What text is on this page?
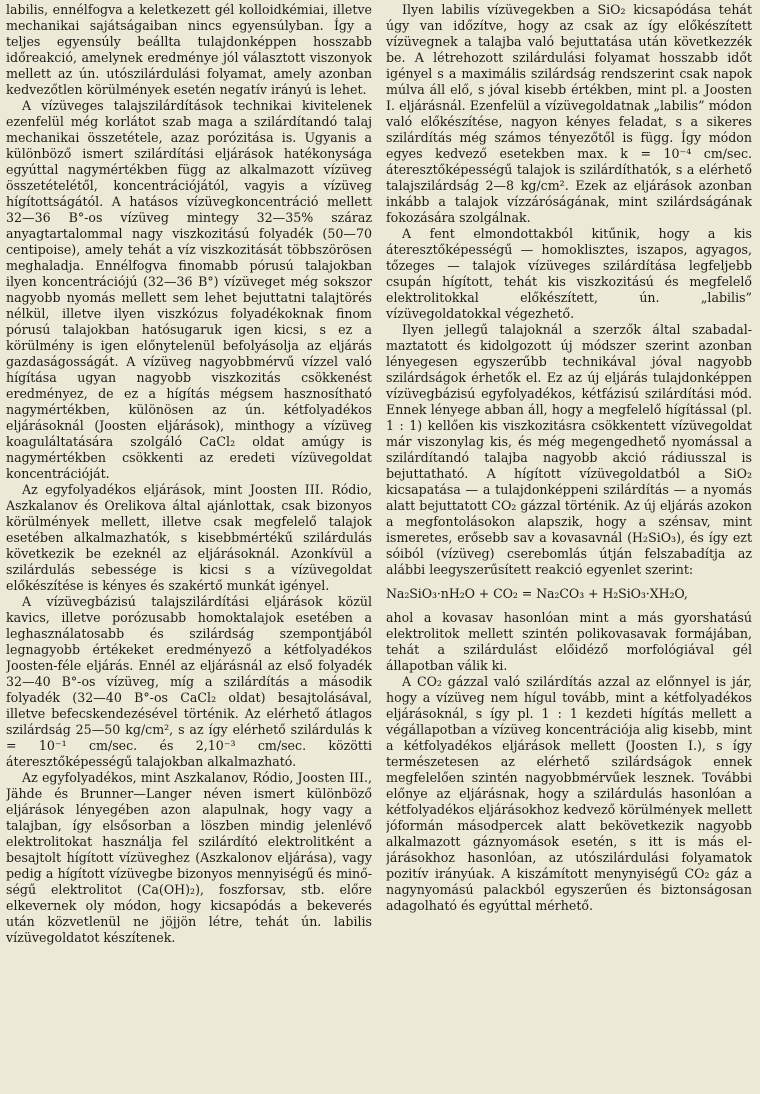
labilis, ennélfogva a keletkezett gél kolloidkémiai, illetve mechanikai sajátságaiban nincs egyensúlyban. Így a teljes egyensúly beállta tulajdonképpen hosszabb időreakció, amelynek eredménye jól választott viszonyok mellett az ún. utószilárdulási folyamat, amely azonban kedvezőtlen körülmények esetén negatív irányú is lehet.

A vízüveges talajszilárdítások technikai kivitelenek ezenfelül még korlátot szab maga a szilárdítandó talaj mechanikai összetétele, azaz porózitása is. Ugyanis a különböző ismert szilárdítási eljárások hatékonysága egyúttal nagymértékben függ az alkalmazott vízüveg összetételétől, koncentrációjától, vagyis a vízüveg hígítottságától. A hatásos vízüvegkoncentráció mellett 32—36 B°-os vízüveg mintegy 32—35% száraz anyagtartalommal nagy viszkozitású folyadék (50—70 centipoise), amely tehát a víz viszkozitását többszörösen meghaladja. Ennélfogva finomabb pórusú talajokban ilyen koncentrációjú (32—36 B°) vízüveget még sokszor nagyobb nyomás mellett sem lehet bejuttatni talajtörés nélkül, illetve ilyen viszkózus folyadékoknak finom pórusú talajokban hatósugaruk igen kicsi, s ez a körülmény is igen előnytelenül befolyásolja az eljárás gazdaságosságát. A vízüveg nagyobbmérvű vízzel való hígítása ugyan nagyobb viszkozitás csökkenést eredményez, de ez a hígítás mégsem hasznosítható nagymértékben, különösen az ún. kétfolyadékos eljárásoknál (Joosten eljárások), minthogy a vízüveg koaguláltatására szolgáló CaCl₂ oldat amúgy is nagymértékben csökkenti az eredeti vízüvegoldat koncentrációját.

Az egyfolyadékos eljárások, mint Joosten III. Ródio, Aszkalanov és Orelikova által ajánlottak, csak bizonyos körülmények mellett, illetve csak megfelelő talajok esetében alkalmazhatók, s kisebbmértékű szilárdulás következik be ezeknél az eljárásoknál. Azonkívül a szilárdulás sebessége is kicsi s a vízüvegoldat előkészítése is kényes és szakértő munkát igényel.

A vízüvegbázisú talajszilárdítási eljárások közül kavics, illetve porózusabb homoktalajok esetében a leghasználatosabb és szilárdság szempontjából legnagyobb értékeket eredményező a kétfolyadékos Joosten-féle eljárás. Ennél az eljárásnál az első folyadék 32—40 B°-os vízüveg, míg a szilárdítás a második folyadék (32—40 B°-os CaCl₂ oldat) besajtolásával, illetve befecskendezésével történik. Az elérhető átlagos szilárdság 25—50 kg/cm², s az így elérhető szilárdulás k = 10⁻¹ cm/sec. és 2,10⁻³ cm/sec. közötti áteresztőképességű talajokban alkalmazható.

Az egyfolyadékos, mint Aszkalanov, Ródio, Joosten III., Jähde és Brunner—Langer néven ismert különböző eljárások lényegében azon alapulnak, hogy vagy a talajban, így elsősorban a löszben mindig jelenlévő elektrolitokat használja fel szilárdító elektrolitként a besajtolt hígított vízüveghez (Aszkalonov eljárása), vagy pedig a hígított vízüvegbe bizonyos mennyiségű és minőségű elektrolitot (Ca(OH)₂), foszforsav, stb. előre elkevernek oly módon, hogy kicsapódás a bekeverés után közvetlenül ne jöjjön létre, tehát ún. labilis vízüvegoldatot készítenek.

Ilyen labilis vízüvegekben a SiO₂ kicsapódása tehát úgy van időzítve, hogy az csak az így előkészített vízüvegnek a talajba való bejuttatása után következzék be. A létrehozott szilárdulási folyamat hosszabb időt igényel s a maximális szilárdság rendszerint csak napok múlva áll elő, s jóval kisebb értékben, mint pl. a Joosten I. eljárásnál. Ezenfelül a vízüvegoldatnak „labilis” módon való előkészítése, nagyon kényes feladat, s a sikeres szilárdítás még számos tényezőtől is függ. Így módon egyes kedvező esetekben max. k = 10⁻⁴ cm/sec. áteresztőképességű talajok is szilárdíthatók, s a elérhető talajszilárdság 2—8 kg/cm². Ezek az eljárások azonban inkább a talajok vízzáróságának, mint szilárdságának fokozására szolgálnak.

A fent elmondottakból kitűnik, hogy a kis áteresztőképességű — homoklisztes, iszapos, agyagos, tőzeges — talajok vízüveges szilárdítása legfeljebb csupán hígított, tehát kis viszkozitású és megfelelő elektrolitokkal előkészített, ún. „labilis” vízüvegoldatokkal végezhető.

Ilyen jellegű talajoknál a szerzők által szabadalmaztatott és kidolgozott új módszer szerint azonban lényegesen egyszerűbb technikával jóval nagyobb szilárdságok érhetők el. Ez az új eljárás tulajdonképpen vízüvegbázisú egyfolyadékos, kétfázisú szilárdítási mód. Ennek lényege abban áll, hogy a megfelelő hígítással (pl. 1 : 1) kellően kis viszkozitásra csökkentett vízüvegoldat már viszonylag kis, és még megengedhető nyomással a szilárdítandó talajba nagyobb akció rádiusszal is bejuttatható. A hígított vízüvegoldatból a SiO₂ kicsapatása — a tulajdonképpeni szilárdítás — a nyomás alatt bejuttatott CO₂ gázzal történik. Az új eljárás azokon a megfontolásokon alapszik, hogy a szénsav, mint ismeretes, erősebb sav a kovasavnál (H₂SiO₃), és így ezt sóiból (vízüveg) cserebomlás útján felszabadítja az alábbi leegyszerűsített reakció egyenlet szerint:

Na₂SiO₃·nH₂O + CO₂ = Na₂CO₃ + H₂SiO₃·XH₂O,

ahol a kovasav hasonlóan mint a más gyorshatású elektrolitok mellett szintén polikovasavak formájában, tehát a szilárdulást előidéző morfológiával gél állapotban válik ki.

A CO₂ gázzal való szilárdítás azzal az előnnyel is jár, hogy a vízüveg nem hígul tovább, mint a kétfolyadékos eljárásoknál, s így pl. 1 : 1 kezdeti hígítás mellett a végállapotban a vízüveg koncentrációja alig kisebb, mint a kétfolyadékos eljárások mellett (Joosten I.), s így természetesen az elérhető szilárdságok ennek megfelelően szintén nagyobbmérvűek lesznek. További előnye az eljárásnak, hogy a szilárdulás hasonlóan a kétfolyadékos eljárásokhoz kedvező körülmények mellett jóformán másodpercek alatt bekövetkezik nagyobb alkalmazott gáznyomások esetén, s itt is más eljárásokhoz hasonlóan, az utószilárdulási folyamatok pozitív irányúak. A kiszámított menynyiségű CO₂ gáz a nagynyomású palackból egyszerűen és biztonságosan adagolható és egyúttal mérhető.
